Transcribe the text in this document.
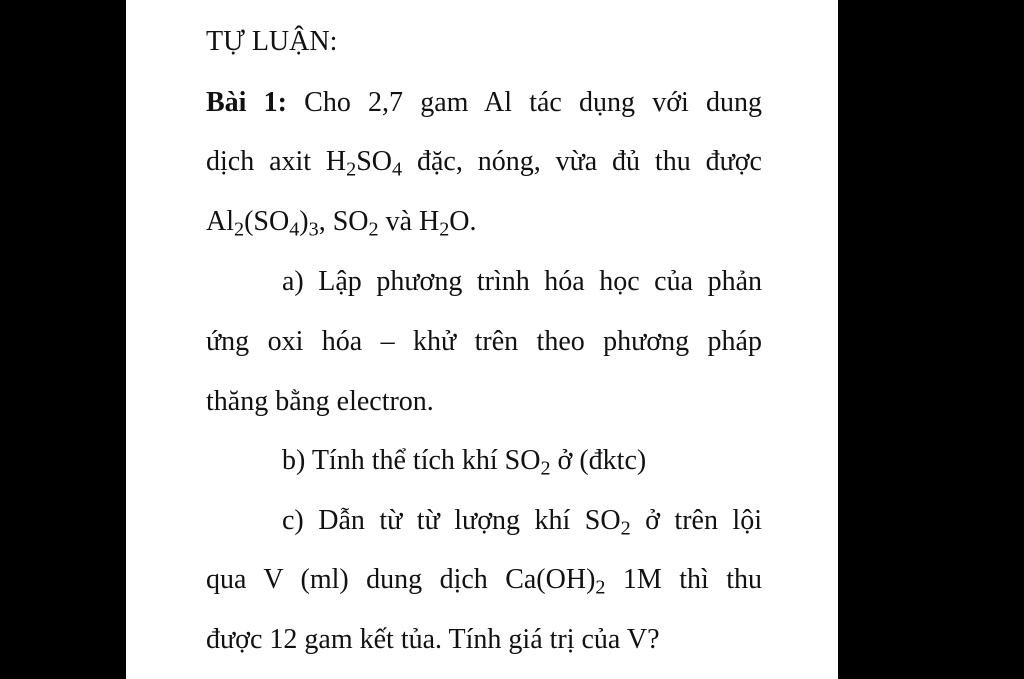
TỰ LUẬN:
Bài 1: Cho 2,7 gam Al tác dụng với dung
dịch axit $H_2SO_4$ đặc, nóng, vừa đủ thu được
$Al_2(SO_4)_3$, $SO_2$ và $H_2O$.
a) Lập phương trình hóa học của phản
ứng oxi hóa – khử trên theo phương pháp
thăng bằng electron.
b) Tính thể tích khí $SO_2$ ở (đktc)
c) Dẫn từ từ lượng khí $SO_2$ ở trên lội
qua V (ml) dung dịch $Ca(OH)_2$ 1M thì thu
được 12 gam kết tủa. Tính giá trị của V?
